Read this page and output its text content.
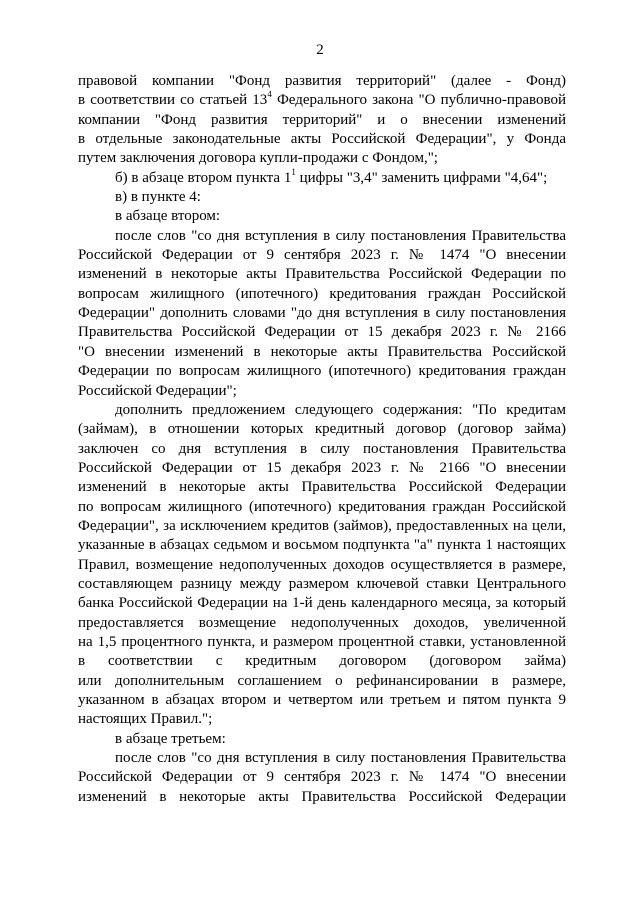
2
правовой компании "Фонд развития территорий" (далее - Фонд)
в соответствии со статьей $13^4$ Федерального закона "О публично-правовой
компании "Фонд развития территорий" и о внесении изменений
в отдельные законодательные акты Российской Федерации", у Фонда
путем заключения договора купли-продажи с Фондом,";
б) в абзаце втором пункта $1^1$ цифры "3,4" заменить цифрами "4,64";
в) в пункте 4:
в абзаце втором:
после слов "со дня вступления в силу постановления Правительства
Российской Федерации от 9 сентября 2023 г. № 1474 "О внесении
изменений в некоторые акты Правительства Российской Федерации по
вопросам жилищного (ипотечного) кредитования граждан Российской
Федерации" дополнить словами "до дня вступления в силу постановления
Правительства Российской Федерации от 15 декабря 2023 г. № 2166
"О внесении изменений в некоторые акты Правительства Российской
Федерации по вопросам жилищного (ипотечного) кредитования граждан
Российской Федерации";
дополнить предложением следующего содержания: "По кредитам
(займам), в отношении которых кредитный договор (договор займа)
заключен со дня вступления в силу постановления Правительства
Российской Федерации от 15 декабря 2023 г. № 2166 "О внесении
изменений в некоторые акты Правительства Российской Федерации
по вопросам жилищного (ипотечного) кредитования граждан Российской
Федерации", за исключением кредитов (займов), предоставленных на цели,
указанные в абзацах седьмом и восьмом подпункта "а" пункта 1 настоящих
Правил, возмещение недополученных доходов осуществляется в размере,
составляющем разницу между размером ключевой ставки Центрального
банка Российской Федерации на 1-й день календарного месяца, за который
предоставляется возмещение недополученных доходов, увеличенной
на 1,5 процентного пункта, и размером процентной ставки, установленной
в соответствии с кредитным договором (договором займа)
или дополнительным соглашением о рефинансировании в размере,
указанном в абзацах втором и четвертом или третьем и пятом пункта 9
настоящих Правил.";
в абзаце третьем:
после слов "со дня вступления в силу постановления Правительства
Российской Федерации от 9 сентября 2023 г. № 1474 "О внесении
изменений в некоторые акты Правительства Российской Федерации
